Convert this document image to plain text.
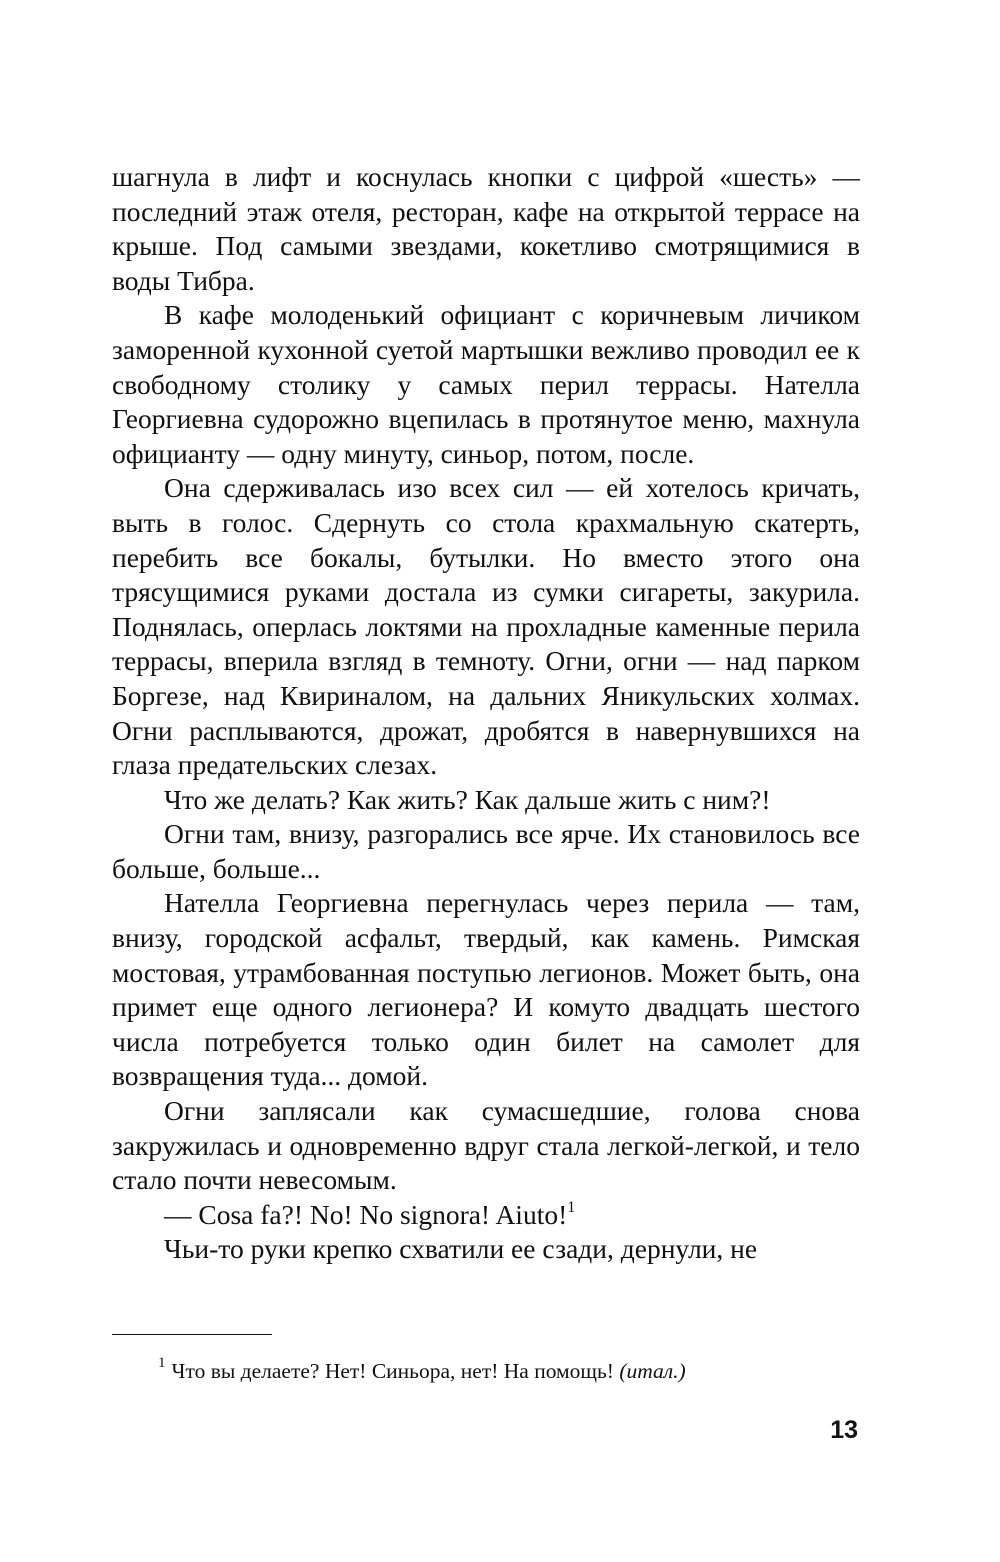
шагнула в лифт и коснулась кнопки с цифрой «шесть» — последний этаж отеля, ресторан, кафе на открытой террасе на крыше. Под самыми звездами, кокетливо смотрящимися в воды Тибра.

В кафе молоденький официант с коричневым личиком заморенной кухонной суетой мартышки вежливо проводил ее к свободному столику у самых перил террасы. Нателла Георгиевна судорожно вцепилась в протянутое меню, махнула официанту — одну минуту, синьор, потом, после.

Она сдерживалась изо всех сил — ей хотелось кричать, выть в голос. Сдернуть со стола крахмальную скатерть, перебить все бокалы, бутылки. Но вместо этого она трясущимися руками достала из сумки сигареты, закурила. Поднялась, оперлась локтями на прохладные каменные перила террасы, вперила взгляд в темноту. Огни, огни — над парком Боргезе, над Квириналом, на дальних Яникульских холмах. Огни расплываются, дрожат, дробятся в навернувшихся на глаза предательских слезах.

Что же делать? Как жить? Как дальше жить с ним?!

Огни там, внизу, разгорались все ярче. Их становилось все больше, больше...

Нателла Георгиевна перегнулась через перила — там, внизу, городской асфальт, твердый, как камень. Римская мостовая, утрамбованная поступью легионов. Может быть, она примет еще одного легионера? И комуто двадцать шестого числа потребуется только один билет на самолет для возвращения туда... домой.

Огни заплясали как сумасшедшие, голова снова закружилась и одновременно вдруг стала легкой-легкой, и тело стало почти невесомым.

— Cosa fa?! No! No signora! Aiuto!$^1$

Чьи-то руки крепко схватили ее сзади, дернули, не

$^1$ Что вы делаете? Нет! Синьора, нет! На помощь! (итал.)
13
